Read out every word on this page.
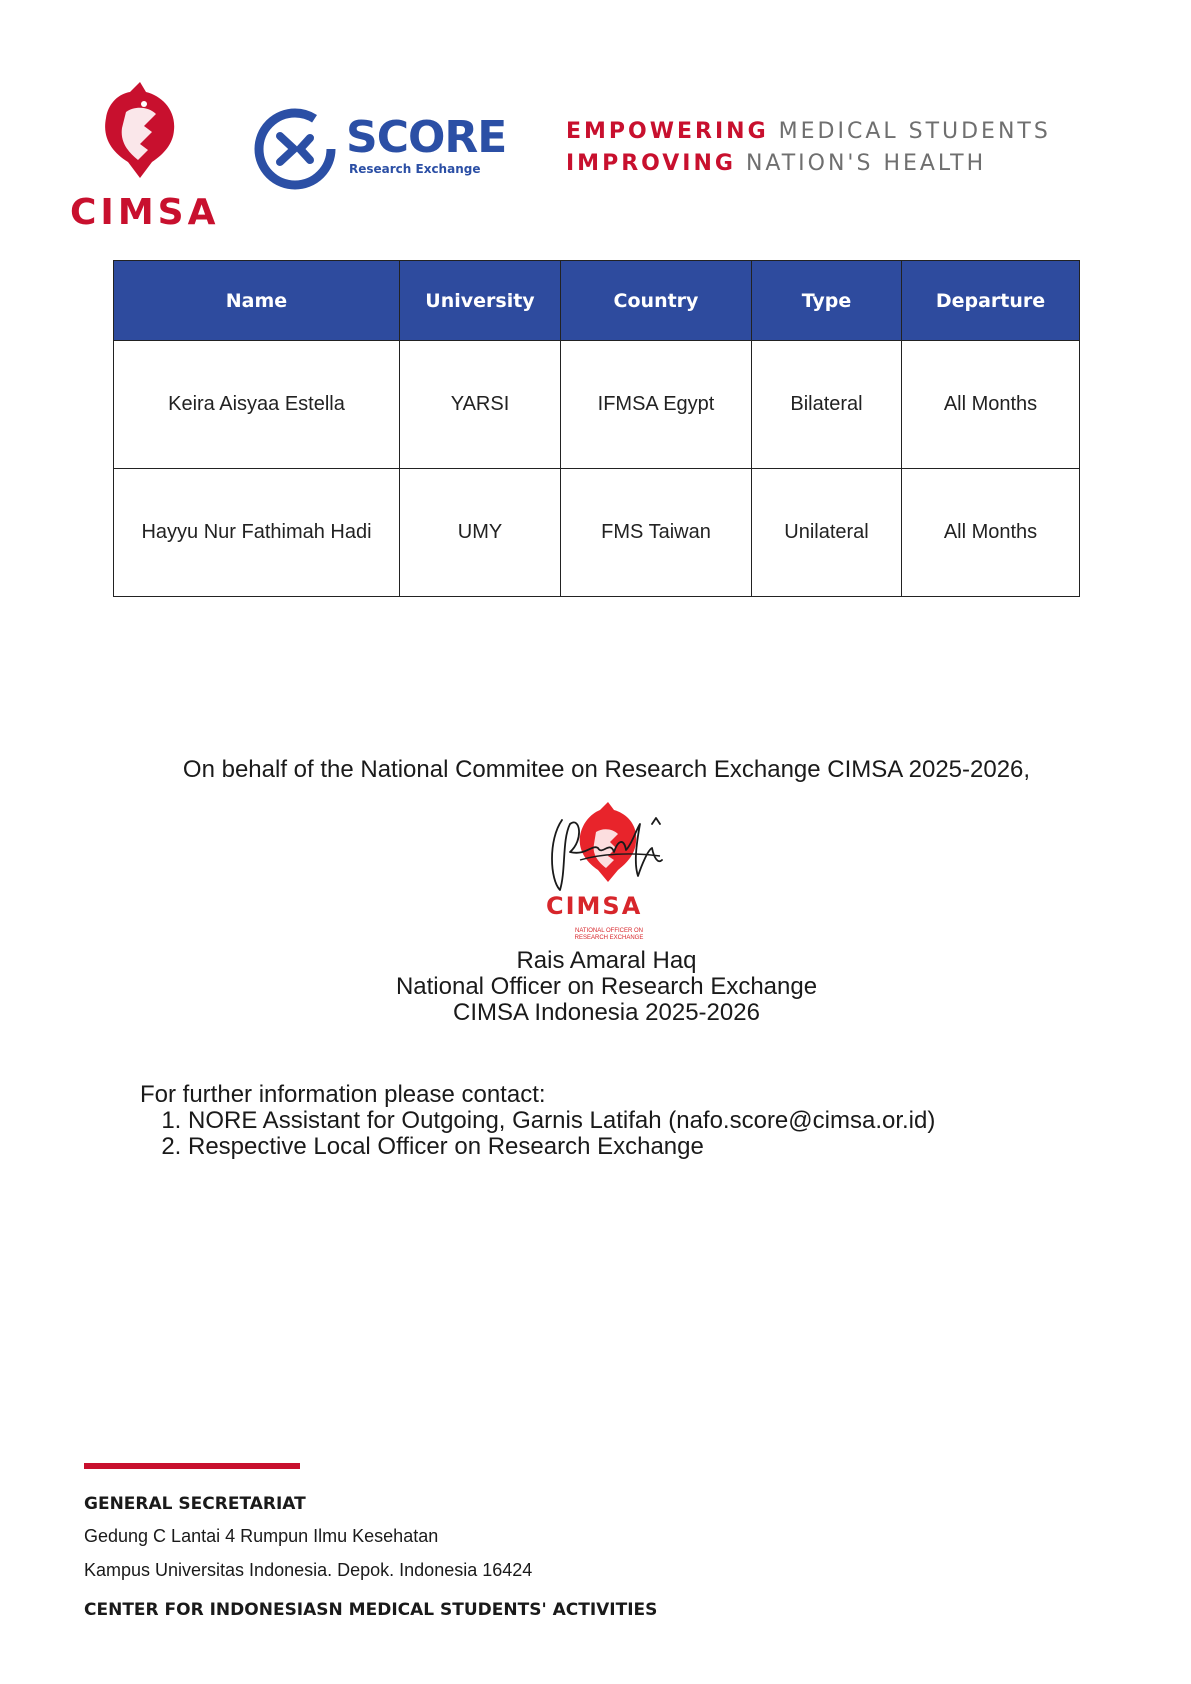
CIMSA
SCORE
Research Exchange
EMPOWERING MEDICAL STUDENTS
IMPROVING NATION'S HEALTH
Name	University	Country	Type	Departure
Keira Aisyaa Estella	YARSI	IFMSA Egypt	Bilateral	All Months
Hayyu Nur Fathimah Hadi	UMY	FMS Taiwan	Unilateral	All Months
On behalf of the National Commitee on Research Exchange CIMSA 2025-2026,
CIMSA
NATIONAL OFFICER ON RESEARCH EXCHANGE
Rais Amaral Haq
National Officer on Research Exchange
CIMSA Indonesia 2025-2026
For further information please contact:
1. NORE Assistant for Outgoing, Garnis Latifah (nafo.score@cimsa.or.id)
2. Respective Local Officer on Research Exchange
GENERAL SECRETARIAT
Gedung C Lantai 4 Rumpun Ilmu Kesehatan
Kampus Universitas Indonesia. Depok. Indonesia 16424
CENTER FOR INDONESIASN MEDICAL STUDENTS' ACTIVITIES
